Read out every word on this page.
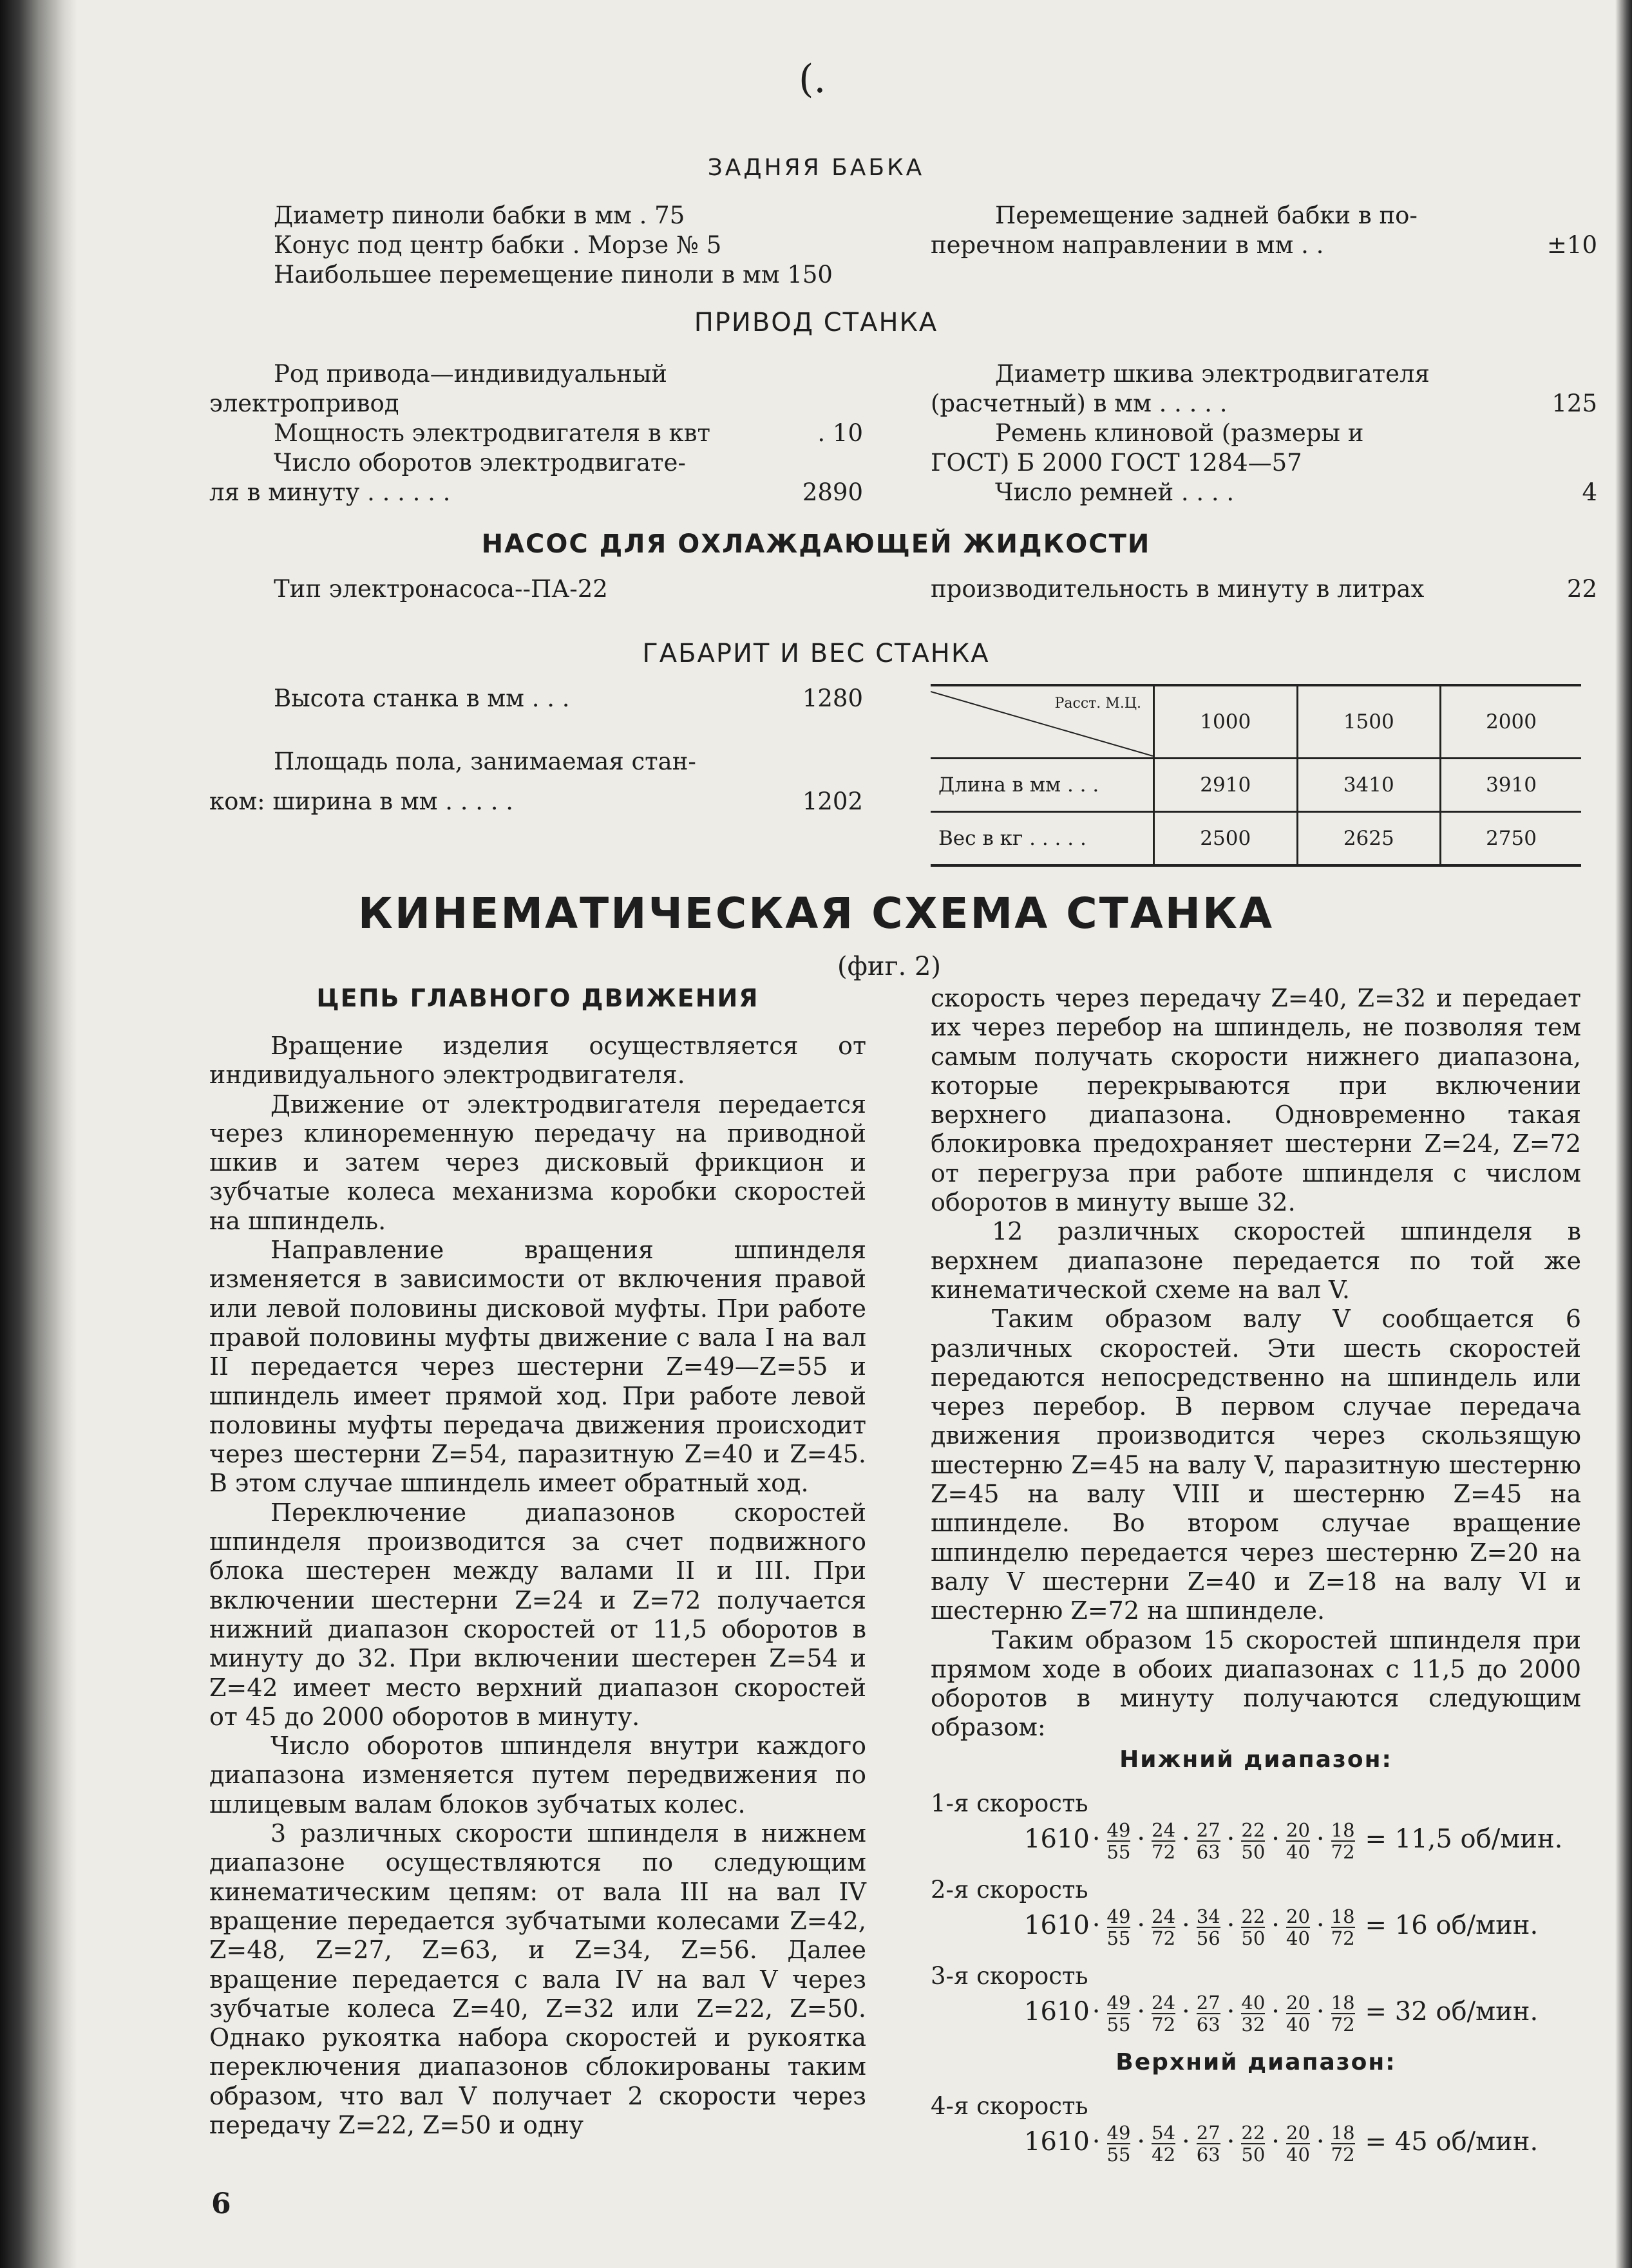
(.
ЗАДНЯЯ БАБКА
Диаметр пиноли бабки в мм . 75
Конус под центр бабки . Морзе № 5
Наибольшее перемещение пиноли в мм 150
Перемещение задней бабки в по-
перечном направлении в мм . .	±10
ПРИВОД СТАНКА
Род привода—индивидуальный
электропривод
Мощность электродвигателя в квт	. 10
Число оборотов электродвигате-
ля в минуту . . . . . .	2890
Диаметр шкива электродвигателя
(расчетный) в мм . . . . .	125
Ремень клиновой (размеры и
ГОСТ) Б 2000 ГОСТ 1284—57
Число ремней . . . .	4
НАСОС ДЛЯ ОХЛАЖДАЮЩЕЙ ЖИДКОСТИ
Тип электронасоса--ПА-22	производительность в минуту в литрах	22
ГАБАРИТ И ВЕС СТАНКА
Высота станка в мм . . .	1280
Площадь пола, занимаемая стан-
ком: ширина в мм . . . . .	1202
Расст. М.Ц.	1000	1500	2000
Длина в мм . . .	2910	3410	3910
Вес в кг . . . . .	2500	2625	2750
КИНЕМАТИЧЕСКАЯ СХЕМА СТАНКА
(фиг. 2)
ЦЕПЬ ГЛАВНОГО ДВИЖЕНИЯ

Вращение изделия осуществляется от индивидуального электродвигателя.

Движение от электродвигателя передается через клиноременную передачу на приводной шкив и затем через дисковый фрикцион и зубчатые колеса механизма коробки скоростей на шпиндель.

Направление вращения шпинделя изменяется в зависимости от включения правой или левой половины дисковой муфты. При работе правой половины муфты движение с вала I на вал II передается через шестерни Z=49—Z=55 и шпиндель имеет прямой ход. При работе левой половины муфты передача движения происходит через шестерни Z=54, паразитную Z=40 и Z=45. В этом случае шпиндель имеет обратный ход.

Переключение диапазонов скоростей шпинделя производится за счет подвижного блока шестерен между валами II и III. При включении шестерни Z=24 и Z=72 получается нижний диапазон скоростей от 11,5 оборотов в минуту до 32. При включении шестерен Z=54 и Z=42 имеет место верхний диапазон скоростей от 45 до 2000 оборотов в минуту.

Число оборотов шпинделя внутри каждого диапазона изменяется путем передвижения по шлицевым валам блоков зубчатых колес.

3 различных скорости шпинделя в нижнем диапазоне осуществляются по следующим кинематическим цепям: от вала III на вал IV вращение передается зубчатыми колесами Z=42, Z=48, Z=27, Z=63, и Z=34, Z=56. Далее вращение передается с вала IV на вал V через зубчатые колеса Z=40, Z=32 или Z=22, Z=50. Однако рукоятка набора скоростей и рукоятка переключения диапазонов сблокированы таким образом, что вал V получает 2 скорости через передачу Z=22, Z=50 и одну

скорость через передачу Z=40, Z=32 и передает их через перебор на шпиндель, не позволяя тем самым получать скорости нижнего диапазона, которые перекрываются при включении верхнего диапазона. Одновременно такая блокировка предохраняет шестерни Z=24, Z=72 от перегруза при работе шпинделя с числом оборотов в минуту выше 32.

12 различных скоростей шпинделя в верхнем диапазоне передается по той же кинематической схеме на вал V.

Таким образом валу V сообщается 6 различных скоростей. Эти шесть скоростей передаются непосредственно на шпиндель или через перебор. В первом случае передача движения производится через скользящую шестерню Z=45 на валу V, паразитную шестерню Z=45 на валу VIII и шестерню Z=45 на шпинделе. Во втором случае вращение шпинделю передается через шестерню Z=20 на валу V шестерни Z=40 и Z=18 на валу VI и шестерню Z=72 на шпинделе.

Таким образом 15 скоростей шпинделя при прямом ходе в обоих диапазонах с 11,5 до 2000 оборотов в минуту получаются следующим образом:

Нижний диапазон:
Верхний диапазон:
1-я скорость
$1610 \cdot \frac{49}{55} \cdot \frac{24}{72} \cdot \frac{27}{63} \cdot \frac{22}{50} \cdot \frac{20}{40} \cdot \frac{18}{72} = 11,5$ об/мин.
2-я скорость
$1610 \cdot \frac{49}{55} \cdot \frac{24}{72} \cdot \frac{34}{56} \cdot \frac{22}{50} \cdot \frac{20}{40} \cdot \frac{18}{72} = 16$ об/мин.
3-я скорость
$1610 \cdot \frac{49}{55} \cdot \frac{24}{72} \cdot \frac{27}{63} \cdot \frac{40}{32} \cdot \frac{20}{40} \cdot \frac{18}{72} = 32$ об/мин.
4-я скорость
$1610 \cdot \frac{49}{55} \cdot \frac{54}{42} \cdot \frac{27}{63} \cdot \frac{22}{50} \cdot \frac{20}{40} \cdot \frac{18}{72} = 45$ об/мин.
6
